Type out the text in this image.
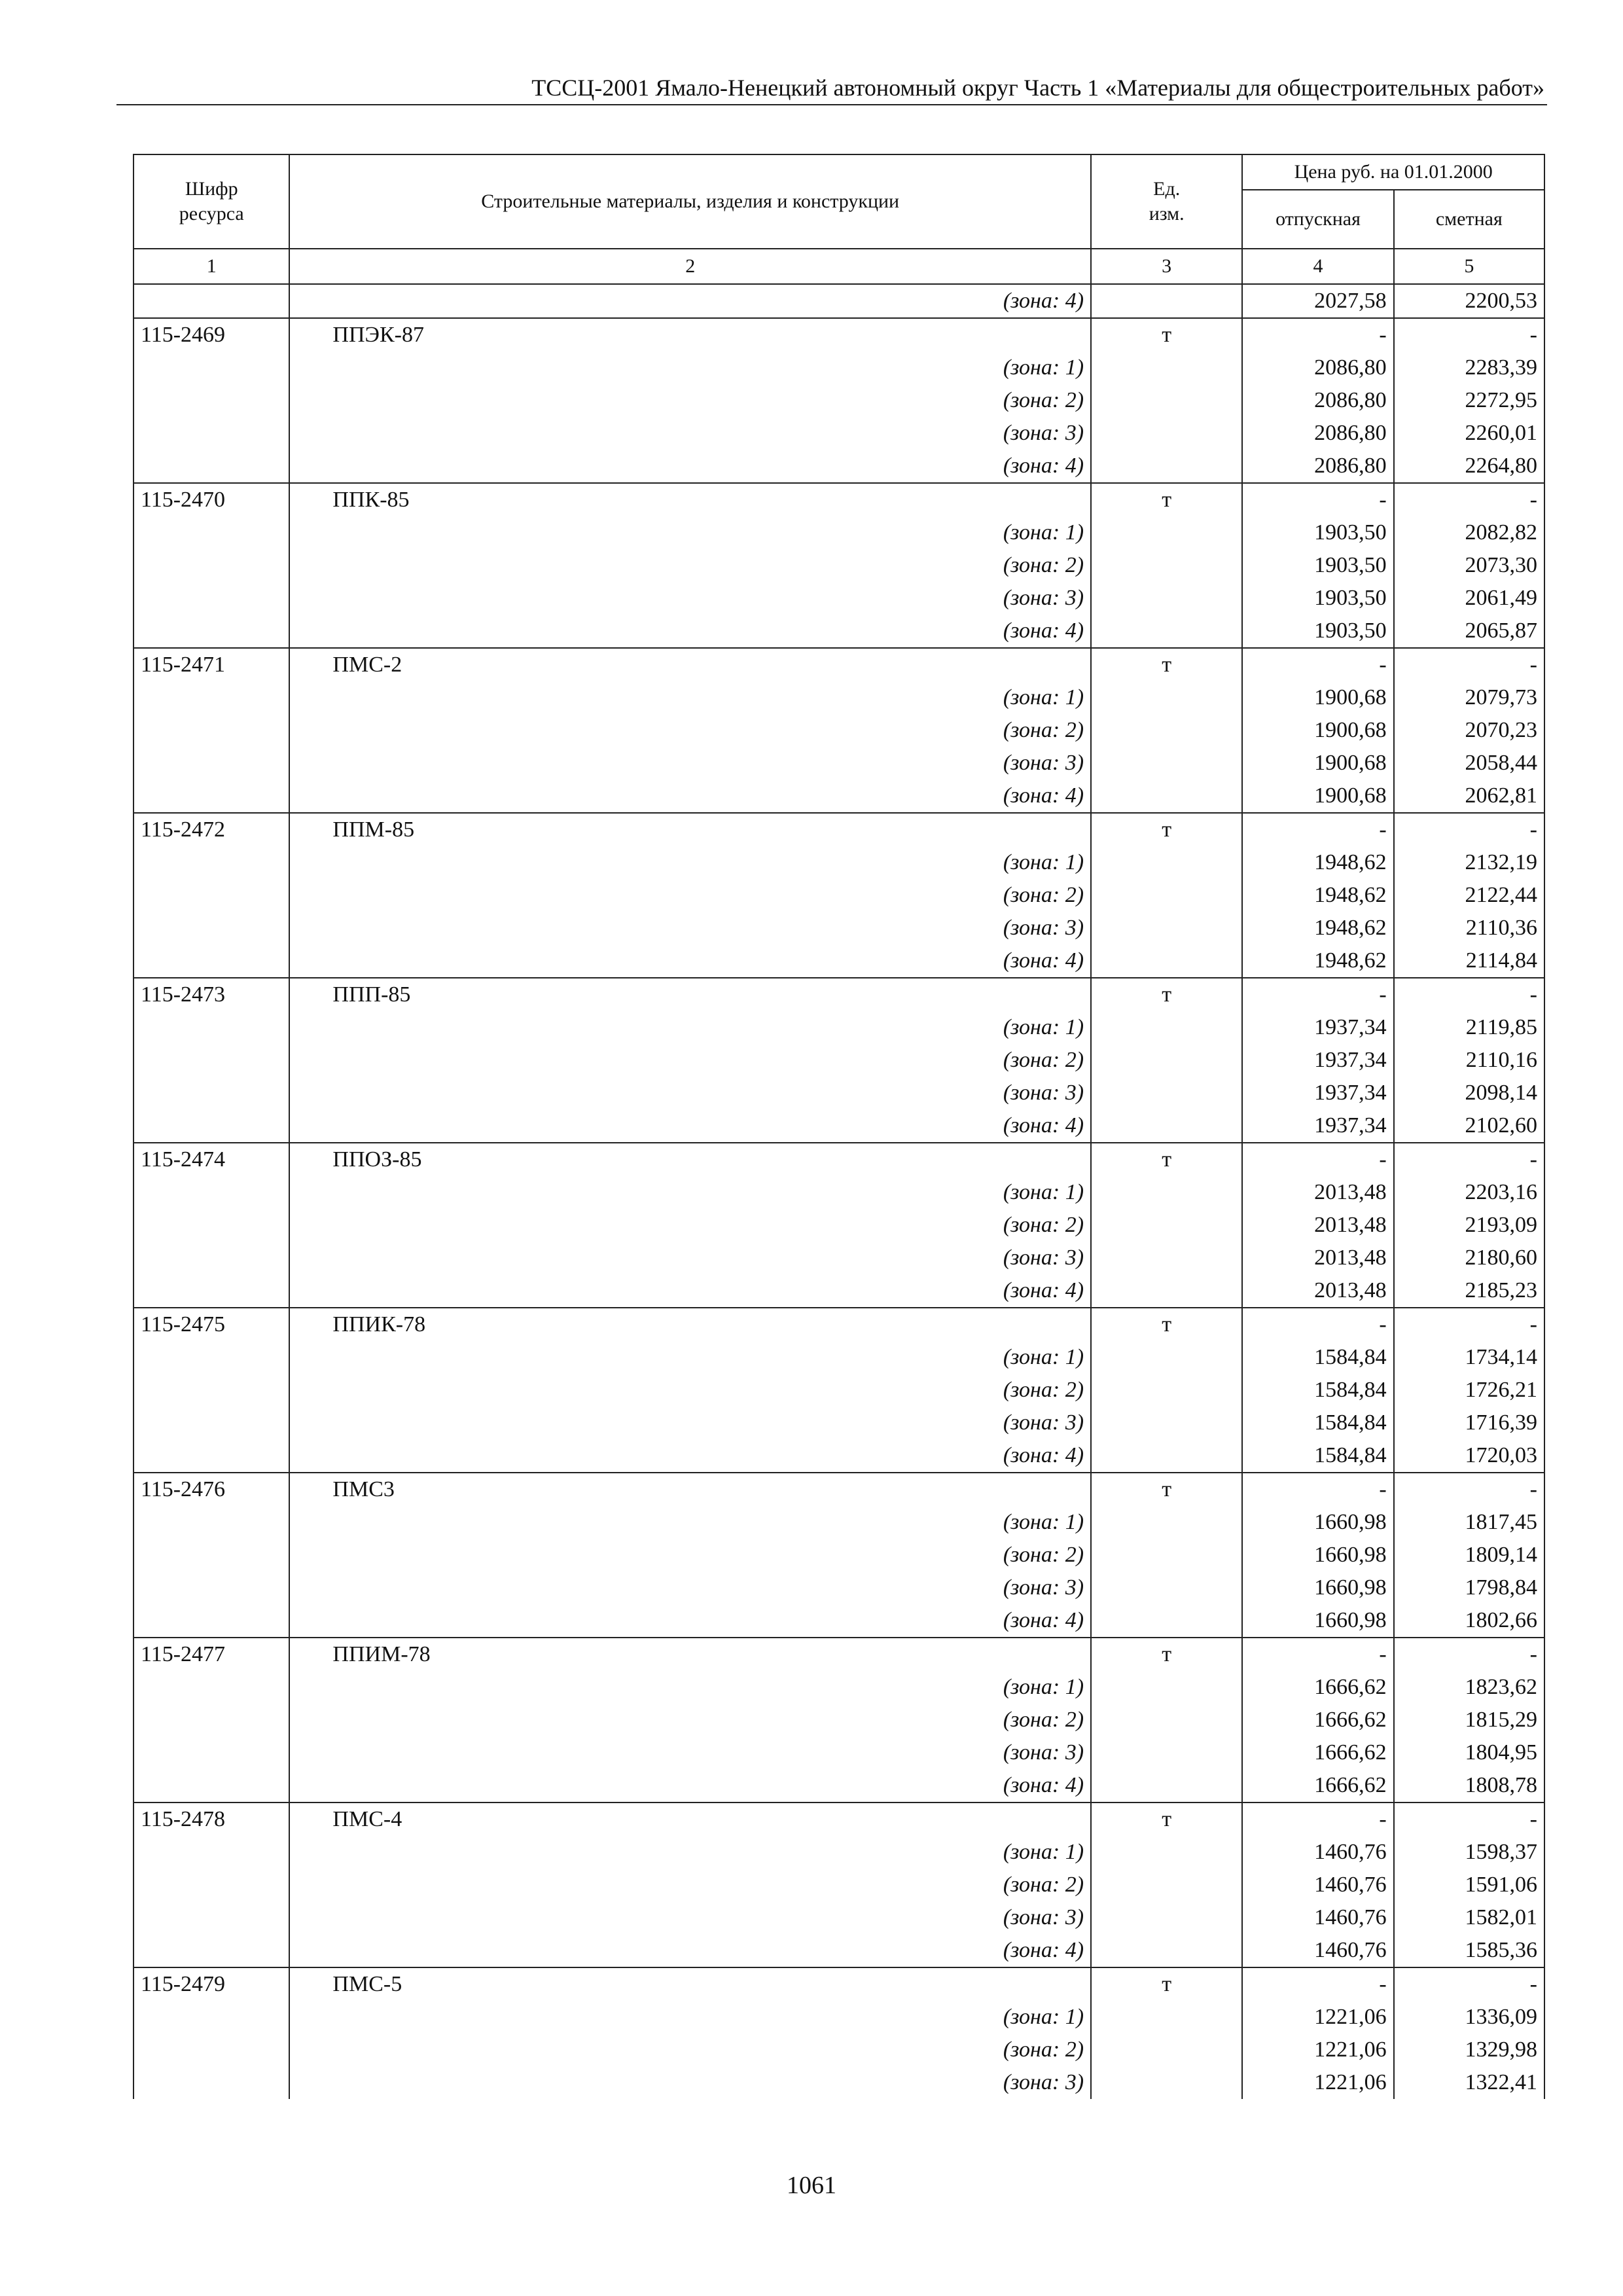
ТССЦ-2001 Ямало-Ненецкий автономный округ Часть 1 «Материалы для общестроительных работ»
Шифр
ресурса	Строительные материалы, изделия и конструкции	Ед.
изм.	Цена руб. на 01.01.2000	
			отпускная	сметная
1	2	3	4	5
	(зона: 4)		2027,58	2200,53
115-2469	ППЭК-87	т	-	-
	(зона: 1)		2086,80	2283,39
	(зона: 2)		2086,80	2272,95
	(зона: 3)		2086,80	2260,01
	(зона: 4)		2086,80	2264,80
115-2470	ППК-85	т	-	-
	(зона: 1)		1903,50	2082,82
	(зона: 2)		1903,50	2073,30
	(зона: 3)		1903,50	2061,49
	(зона: 4)		1903,50	2065,87
115-2471	ПМС-2	т	-	-
	(зона: 1)		1900,68	2079,73
	(зона: 2)		1900,68	2070,23
	(зона: 3)		1900,68	2058,44
	(зона: 4)		1900,68	2062,81
115-2472	ППМ-85	т	-	-
	(зона: 1)		1948,62	2132,19
	(зона: 2)		1948,62	2122,44
	(зона: 3)		1948,62	2110,36
	(зона: 4)		1948,62	2114,84
115-2473	ППП-85	т	-	-
	(зона: 1)		1937,34	2119,85
	(зона: 2)		1937,34	2110,16
	(зона: 3)		1937,34	2098,14
	(зона: 4)		1937,34	2102,60
115-2474	ППОЗ-85	т	-	-
	(зона: 1)		2013,48	2203,16
	(зона: 2)		2013,48	2193,09
	(зона: 3)		2013,48	2180,60
	(зона: 4)		2013,48	2185,23
115-2475	ППИК-78	т	-	-
	(зона: 1)		1584,84	1734,14
	(зона: 2)		1584,84	1726,21
	(зона: 3)		1584,84	1716,39
	(зона: 4)		1584,84	1720,03
115-2476	ПМС3	т	-	-
	(зона: 1)		1660,98	1817,45
	(зона: 2)		1660,98	1809,14
	(зона: 3)		1660,98	1798,84
	(зона: 4)		1660,98	1802,66
115-2477	ППИМ-78	т	-	-
	(зона: 1)		1666,62	1823,62
	(зона: 2)		1666,62	1815,29
	(зона: 3)		1666,62	1804,95
	(зона: 4)		1666,62	1808,78
115-2478	ПМС-4	т	-	-
	(зона: 1)		1460,76	1598,37
	(зона: 2)		1460,76	1591,06
	(зона: 3)		1460,76	1582,01
	(зона: 4)		1460,76	1585,36
115-2479	ПМС-5	т	-	-
	(зона: 1)		1221,06	1336,09
	(зона: 2)		1221,06	1329,98
	(зона: 3)		1221,06	1322,41
1061
